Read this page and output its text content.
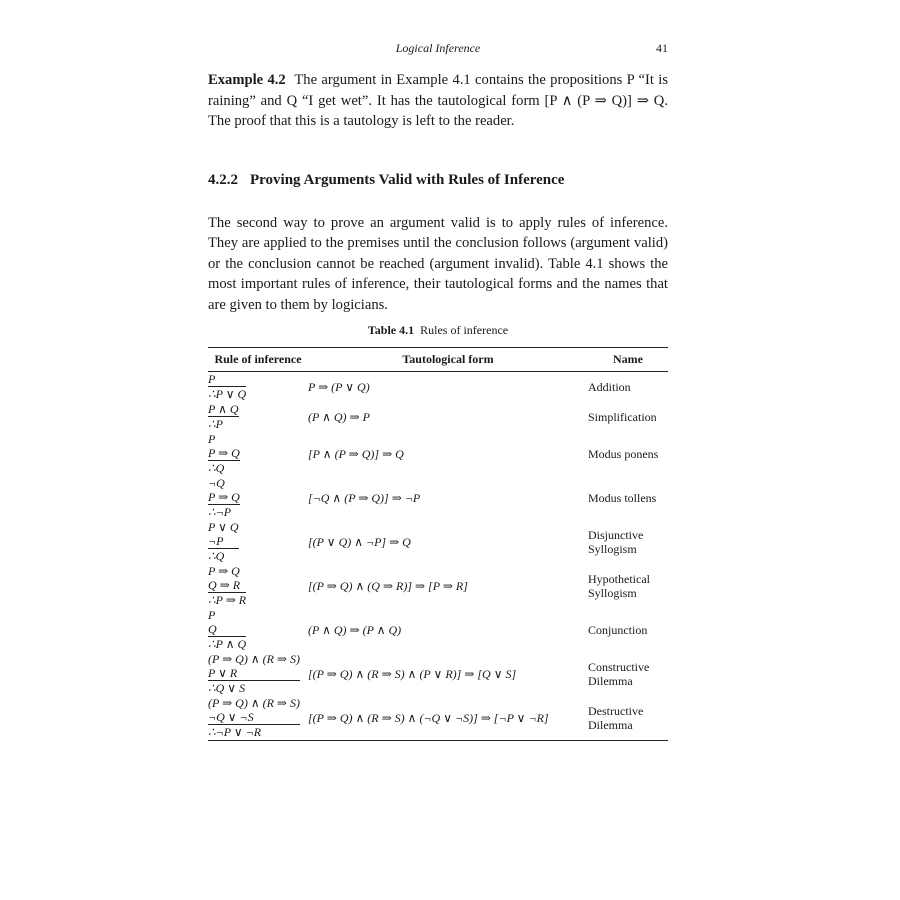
Logical Inference	41

Example 4.2 The argument in Example 4.1 contains the propositions P “It is raining” and Q “I get wet”. It has the tautological form [P ∧ (P ⇒ Q)] ⇒ Q. The proof that this is a tautology is left to the reader.

4.2.2 Proving Arguments Valid with Rules of Inference

The second way to prove an argument valid is to apply rules of inference. They are applied to the premises until the conclusion follows (argument valid) or the conclusion cannot be reached (argument invalid). Table 4.1 shows the most important rules of inference, their tautological forms and the names that are given to them by logicians.

Table 4.1 Rules of inference
Rule of inference	Tautological form	Name

$\frac{P}{\therefore P \vee Q}$	P ⇒ (P ∨ Q)	Addition

$\frac{P \wedge Q}{\therefore P}$	(P ∧ Q) ⇒ P	Simplification

P
P ⇒ Q
∴Q	[P ∧ (P ⇒ Q)] ⇒ Q	Modus ponens

¬Q
P ⇒ Q
∴¬P	[¬Q ∧ (P ⇒ Q)] ⇒ ¬P	Modus tollens

P ∨ Q
¬P
∴Q	[(P ∨ Q) ∧ ¬P] ⇒ Q	Disjunctive Syllogism

P ⇒ Q
Q ⇒ R
∴P ⇒ R	[(P ⇒ Q) ∧ (Q ⇒ R)] ⇒ [P ⇒ R]	Hypothetical Syllogism

P
Q
∴P ∧ Q	(P ∧ Q) ⇒ (P ∧ Q)	Conjunction

(P ⇒ Q) ∧ (R ⇒ S)
P ∨ R
∴Q ∨ S	[(P ⇒ Q) ∧ (R ⇒ S) ∧ (P ∨ R)] ⇒ [Q ∨ S]	Constructive Dilemma

(P ⇒ Q) ∧ (R ⇒ S)
¬Q ∨ ¬S
∴¬P ∨ ¬R	[(P ⇒ Q) ∧ (R ⇒ S) ∧ (¬Q ∨ ¬S)] ⇒ [¬P ∨ ¬R]	Destructive Dilemma
